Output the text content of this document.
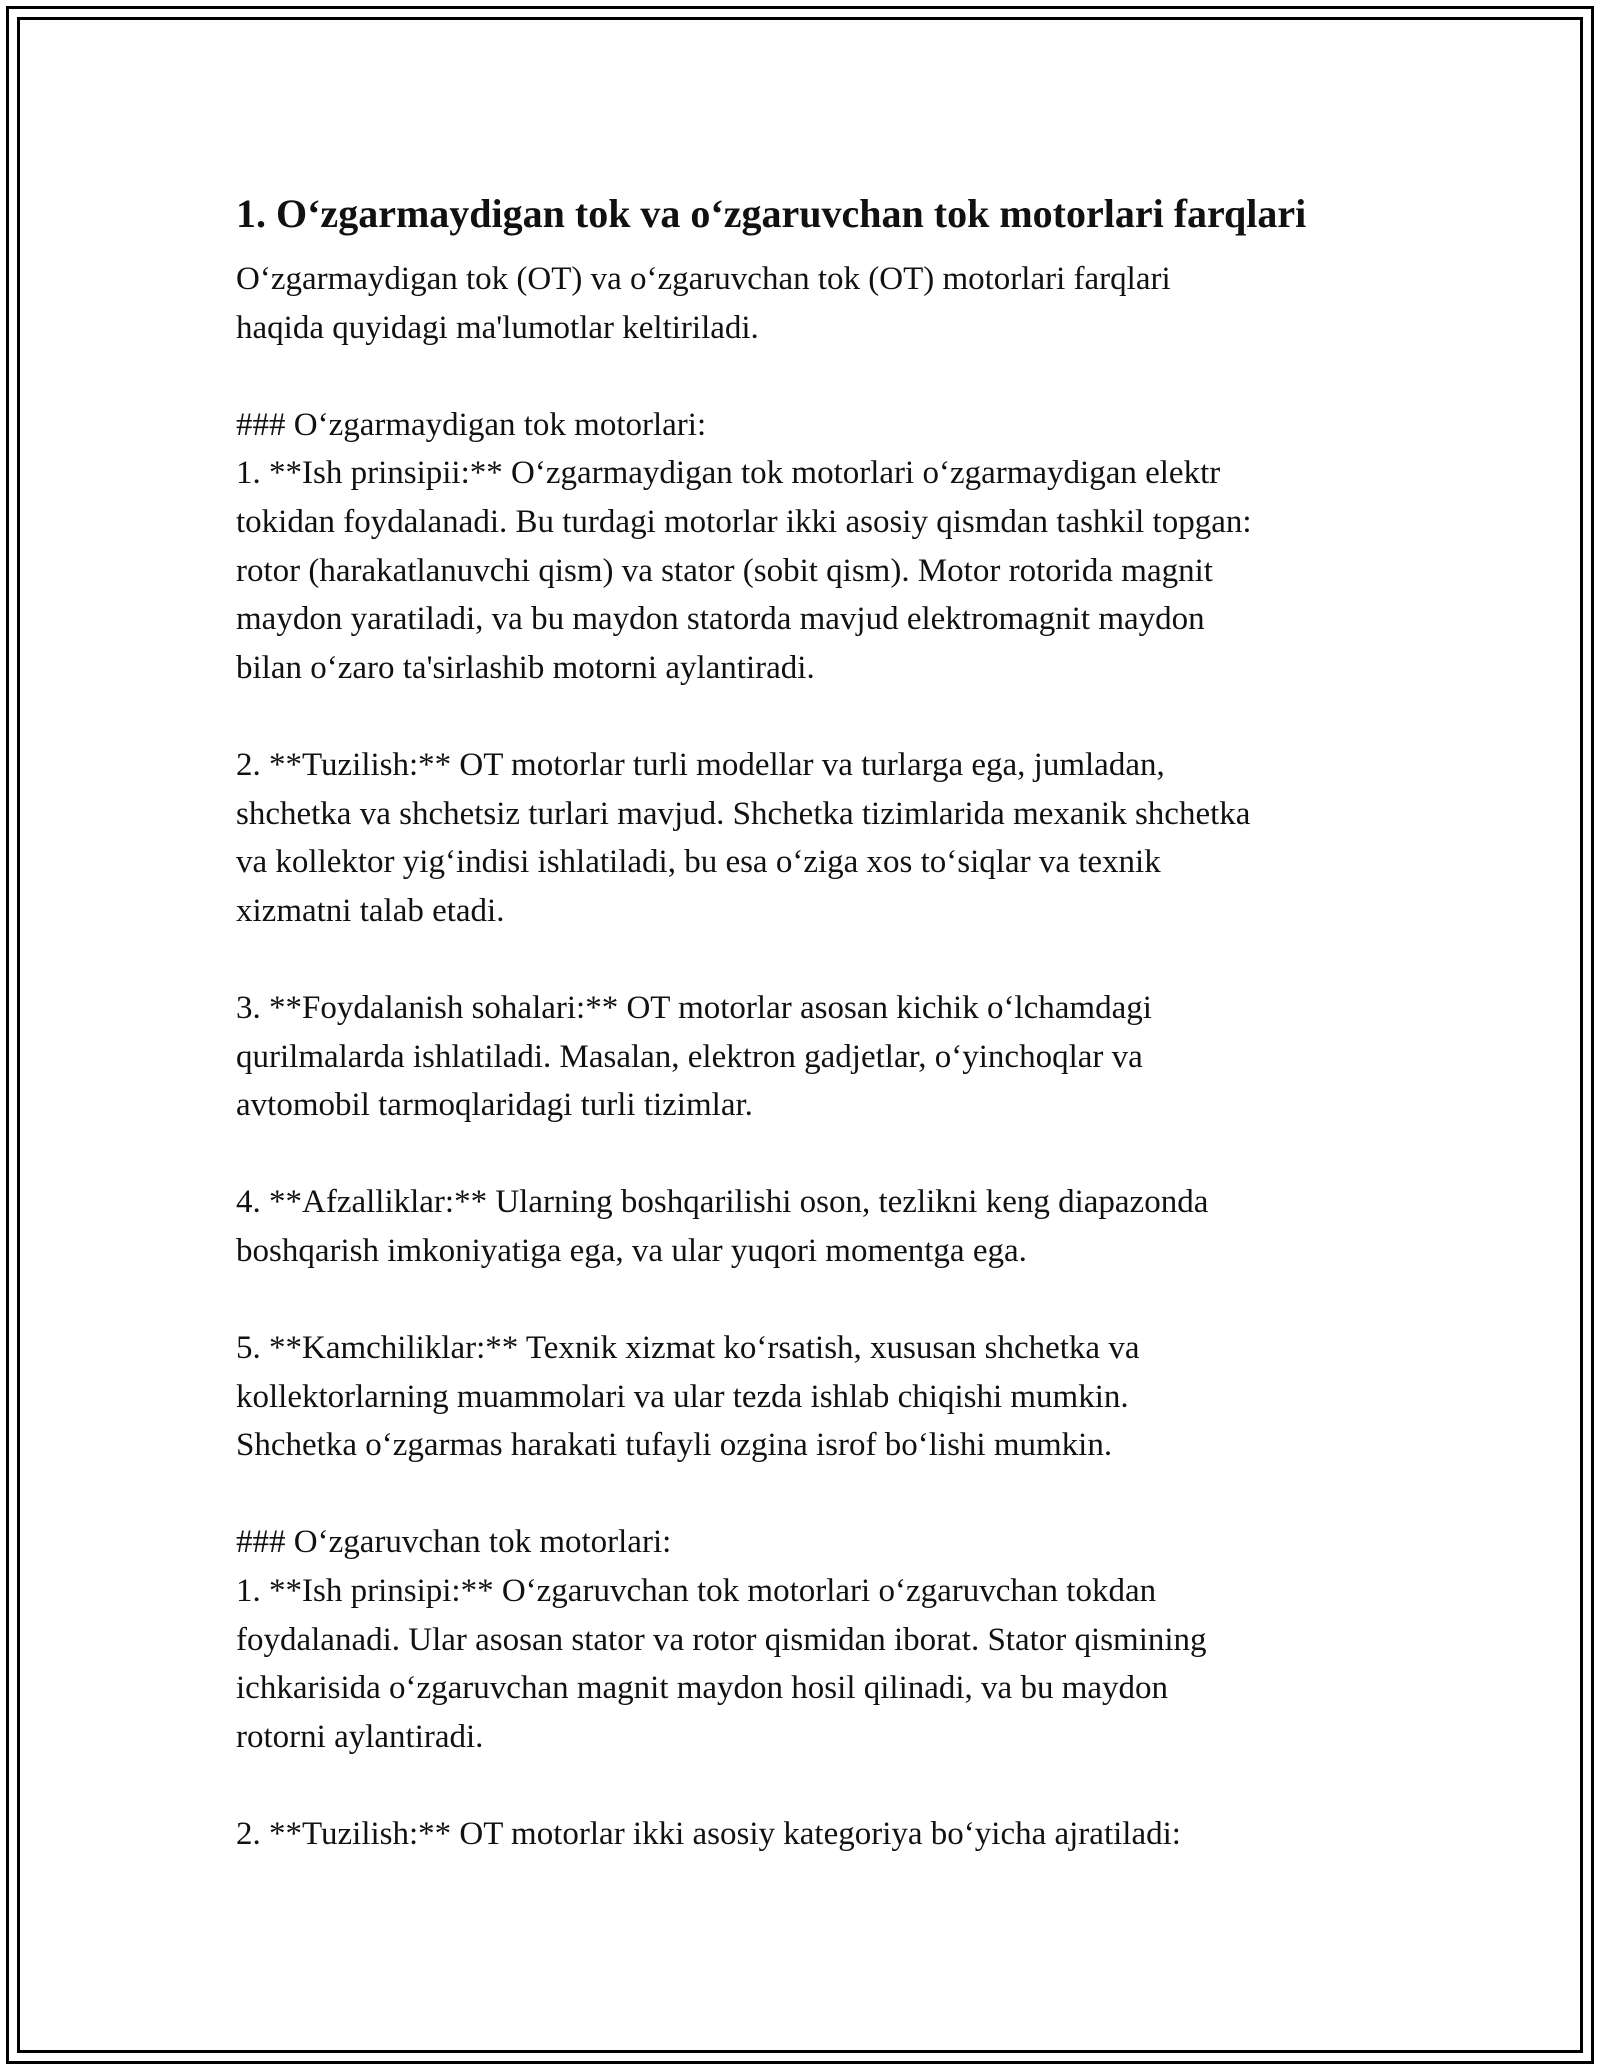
1. O‘zgarmaydigan tok va o‘zgaruvchan tok motorlari farqlari

O‘zgarmaydigan tok (OT) va o‘zgaruvchan tok (OT) motorlari farqlari
haqida quyidagi ma'lumotlar keltiriladi.

### O‘zgarmaydigan tok motorlari:
1. **Ish prinsipii:** O‘zgarmaydigan tok motorlari o‘zgarmaydigan elektr
tokidan foydalanadi. Bu turdagi motorlar ikki asosiy qismdan tashkil topgan:
rotor (harakatlanuvchi qism) va stator (sobit qism). Motor rotorida magnit
maydon yaratiladi, va bu maydon statorda mavjud elektromagnit maydon
bilan o‘zaro ta'sirlashib motorni aylantiradi.

2. **Tuzilish:** OT motorlar turli modellar va turlarga ega, jumladan,
shchetka va shchetsiz turlari mavjud. Shchetka tizimlarida mexanik shchetka
va kollektor yig‘indisi ishlatiladi, bu esa o‘ziga xos to‘siqlar va texnik
xizmatni talab etadi.

3. **Foydalanish sohalari:** OT motorlar asosan kichik o‘lchamdagi
qurilmalarda ishlatiladi. Masalan, elektron gadjetlar, o‘yinchoqlar va
avtomobil tarmoqlaridagi turli tizimlar.

4. **Afzalliklar:** Ularning boshqarilishi oson, tezlikni keng diapazonda
boshqarish imkoniyatiga ega, va ular yuqori momentga ega.

5. **Kamchiliklar:** Texnik xizmat ko‘rsatish, xususan shchetka va
kollektorlarning muammolari va ular tezda ishlab chiqishi mumkin.
Shchetka o‘zgarmas harakati tufayli ozgina isrof bo‘lishi mumkin.

### O‘zgaruvchan tok motorlari:
1. **Ish prinsipi:** O‘zgaruvchan tok motorlari o‘zgaruvchan tokdan
foydalanadi. Ular asosan stator va rotor qismidan iborat. Stator qismining
ichkarisida o‘zgaruvchan magnit maydon hosil qilinadi, va bu maydon
rotorni aylantiradi.

2. **Tuzilish:** OT motorlar ikki asosiy kategoriya bo‘yicha ajratiladi:
